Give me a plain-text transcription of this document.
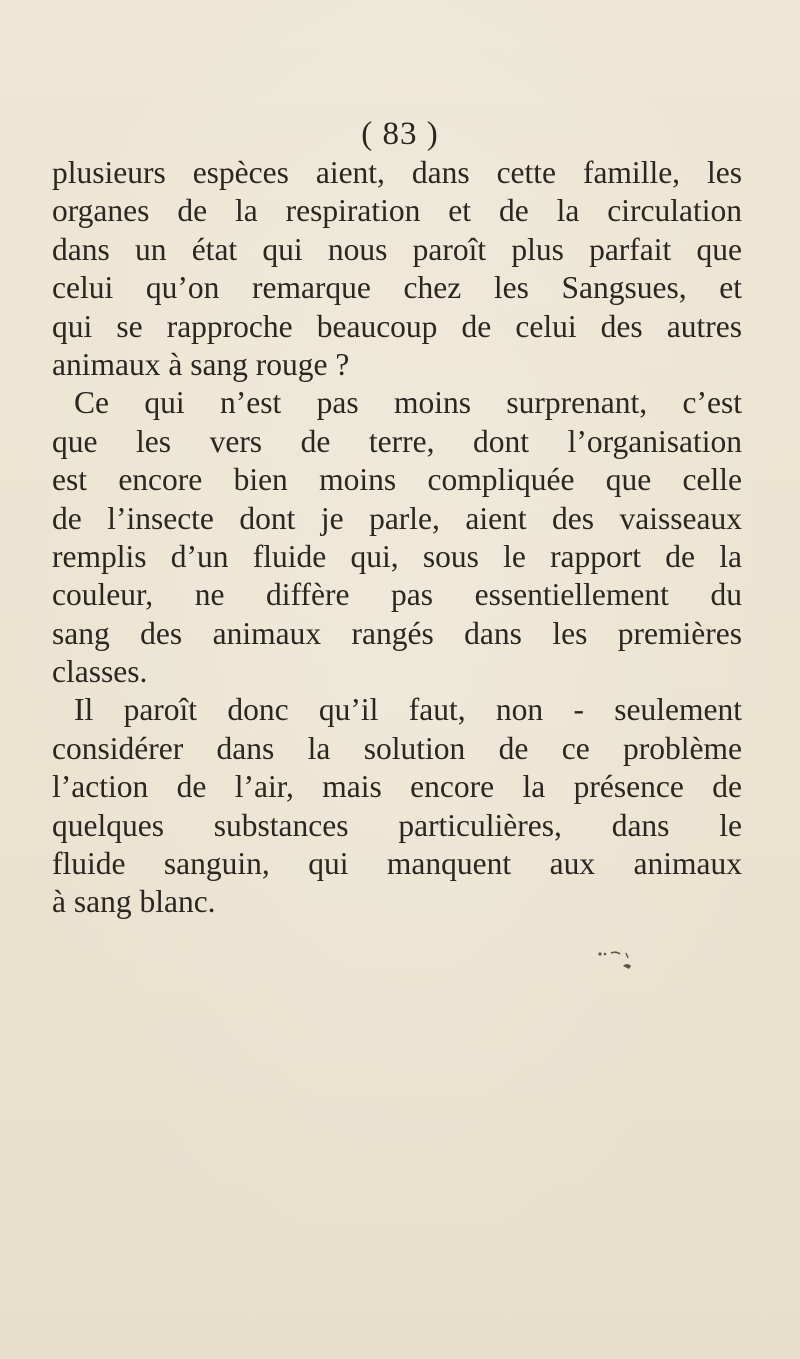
( 83 )
plusieurs espèces aient, dans cette famille, les
organes de la respiration et de la circulation
dans un état qui nous paroît plus parfait que
celui qu’on remarque chez les Sangsues, et
qui se rapproche beaucoup de celui des autres
animaux à sang rouge ?
Ce qui n’est pas moins surprenant, c’est
que les vers de terre, dont l’organisation
est encore bien moins compliquée que celle
de l’insecte dont je parle, aient des vaisseaux
remplis d’un fluide qui, sous le rapport de la
couleur, ne diffère pas essentiellement du
sang des animaux rangés dans les premières
classes.
Il paroît donc qu’il faut, non - seulement
considérer dans la solution de ce problème
l’action de l’air, mais encore la présence de
quelques substances particulières, dans le
fluide sanguin, qui manquent aux animaux
à sang blanc.
